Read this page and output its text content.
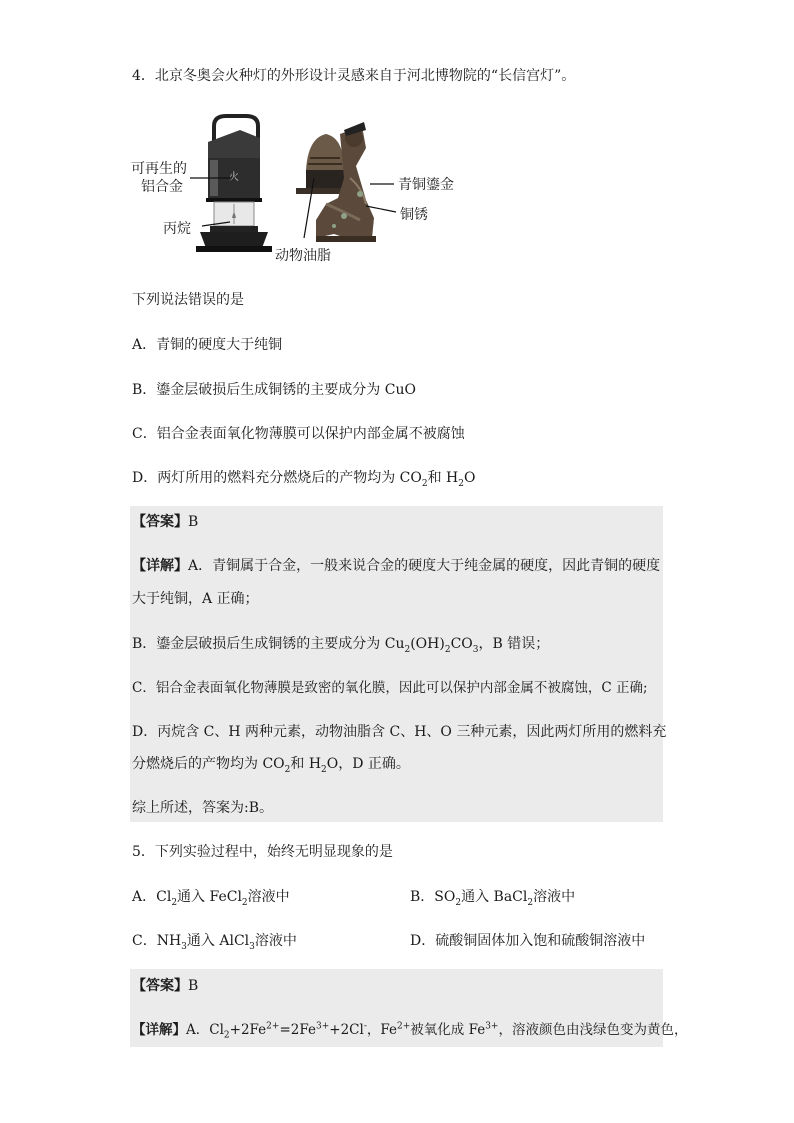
4．北京冬奥会火种灯的外形设计灵感来自于河北博物院的“长信宫灯”。
火
可再生的
铝合金
丙烷
动物油脂
青铜鎏金
铜锈
下列说法错误的是
A．青铜的硬度大于纯铜
B．鎏金层破损后生成铜锈的主要成分为 CuO
C．铝合金表面氧化物薄膜可以保护内部金属不被腐蚀
D．两灯所用的燃料充分燃烧后的产物均为 $CO_2$和 $H_2O$
【答案】B
【详解】A．青铜属于合金，一般来说合金的硬度大于纯金属的硬度，因此青铜的硬度
大于纯铜，A 正确；
B．鎏金层破损后生成铜锈的主要成分为 $Cu_2(OH)_2CO_3$，B 错误；
C．铝合金表面氧化物薄膜是致密的氧化膜，因此可以保护内部金属不被腐蚀，C 正确;
D．丙烷含 C、H 两种元素，动物油脂含 C、H、O 三种元素，因此两灯所用的燃料充
分燃烧后的产物均为 $CO_2$和 $H_2O$，D 正确。
综上所述，答案为:B。
5．下列实验过程中，始终无明显现象的是
A．$Cl_2$通入 FeCl$_2$溶液中	B．$SO_2$通入 BaCl$_2$溶液中
C．$NH_3$通入 AlCl$_3$溶液中	D．硫酸铜固体加入饱和硫酸铜溶液中
【答案】B
【详解】A．$Cl_2+2Fe^{2+}=2Fe^{3+}+2Cl^-$，$Fe^{2+}$被氧化成 $Fe^{3+}$，溶液颜色由浅绿色变为黄色，
